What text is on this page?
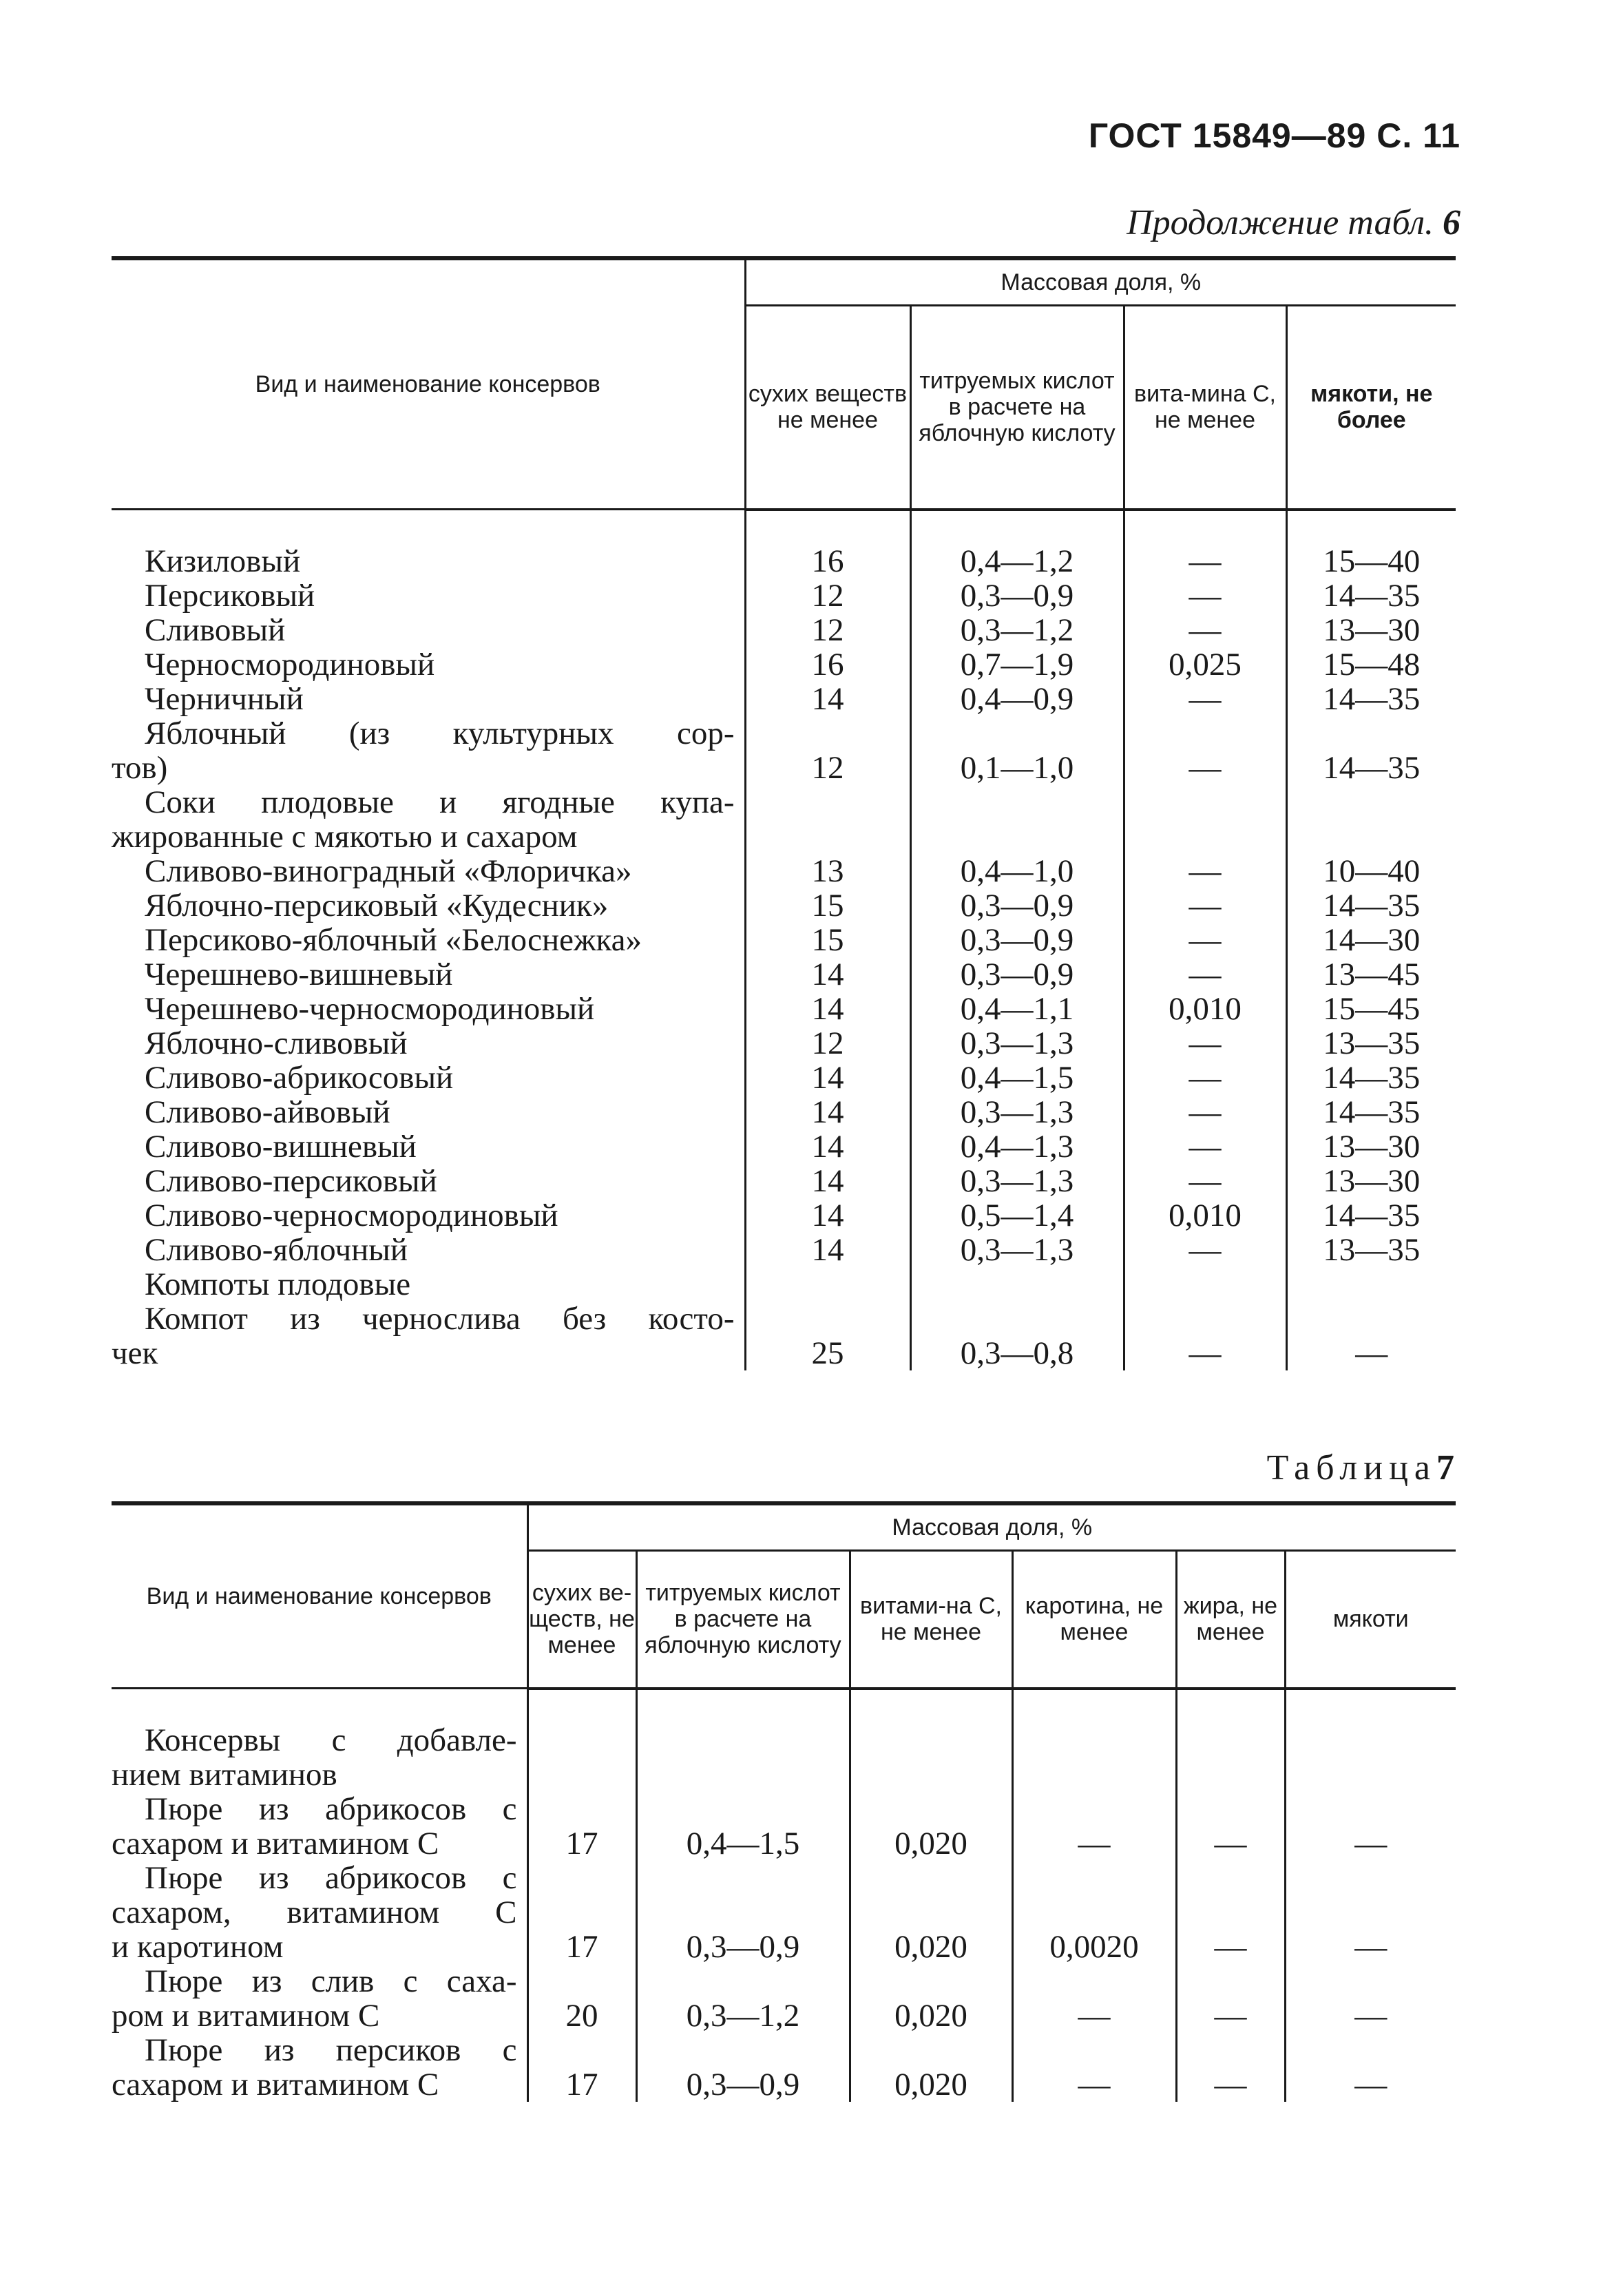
ГОСТ 15849—89 С. 11
Продолжение табл. 6
Вид и наименование консервов	Массовая доля, %			
	сухих веществ не менее	титруемых кислот в расчете на яблочную кислоту	вита-мина С, не менее	мякоти, не более

Кизиловый	16	0,4—1,2	—	15—40

Персиковый	12	0,3—0,9	—	14—35

Сливовый	12	0,3—1,2	—	13—30

Черносмородиновый	16	0,7—1,9	0,025	15—48

Черничный	14	0,4—0,9	—	14—35

Яблочный (из культурных сор-
тов)	12	0,1—1,0	—	14—35

Соки плодовые и ягодные купа-
жированные с мякотью и сахаром				

Сливово-виноградный «Флоричка»	13	0,4—1,0	—	10—40

Яблочно-персиковый «Кудесник»	15	0,3—0,9	—	14—35

Персиково-яблочный «Белоснежка»	15	0,3—0,9	—	14—30

Черешнево-вишневый	14	0,3—0,9	—	13—45

Черешнево-черносмородиновый	14	0,4—1,1	0,010	15—45

Яблочно-сливовый	12	0,3—1,3	—	13—35

Сливово-абрикосовый	14	0,4—1,5	—	14—35

Сливово-айвовый	14	0,3—1,3	—	14—35

Сливово-вишневый	14	0,4—1,3	—	13—30

Сливово-персиковый	14	0,3—1,3	—	13—30

Сливово-черносмородиновый	14	0,5—1,4	0,010	14—35

Сливово-яблочный	14	0,3—1,3	—	13—35

Компоты плодовые				

Компот из чернослива без косто-
чек	25	0,3—0,8	—	—
Таблица7
Вид и наименование консервов	Массовая доля, %					
	сухих ве-ществ, не менее	титруемых кислот в расчете на яблочную кислоту	витами-на С, не менее	каротина, не менее	жира, не менее	мякоти

Консервы с добавле-
нием витаминов						

Пюре из абрикосов с
сахаром и витамином С	17	0,4—1,5	0,020	—	—	—

Пюре из абрикосов с
сахаром, витамином С
и каротином	17	0,3—0,9	0,020	0,0020	—	—

Пюре из слив с саха-
ром и витамином С	20	0,3—1,2	0,020	—	—	—

Пюре из персиков с
сахаром и витамином С	17	0,3—0,9	0,020	—	—	—
